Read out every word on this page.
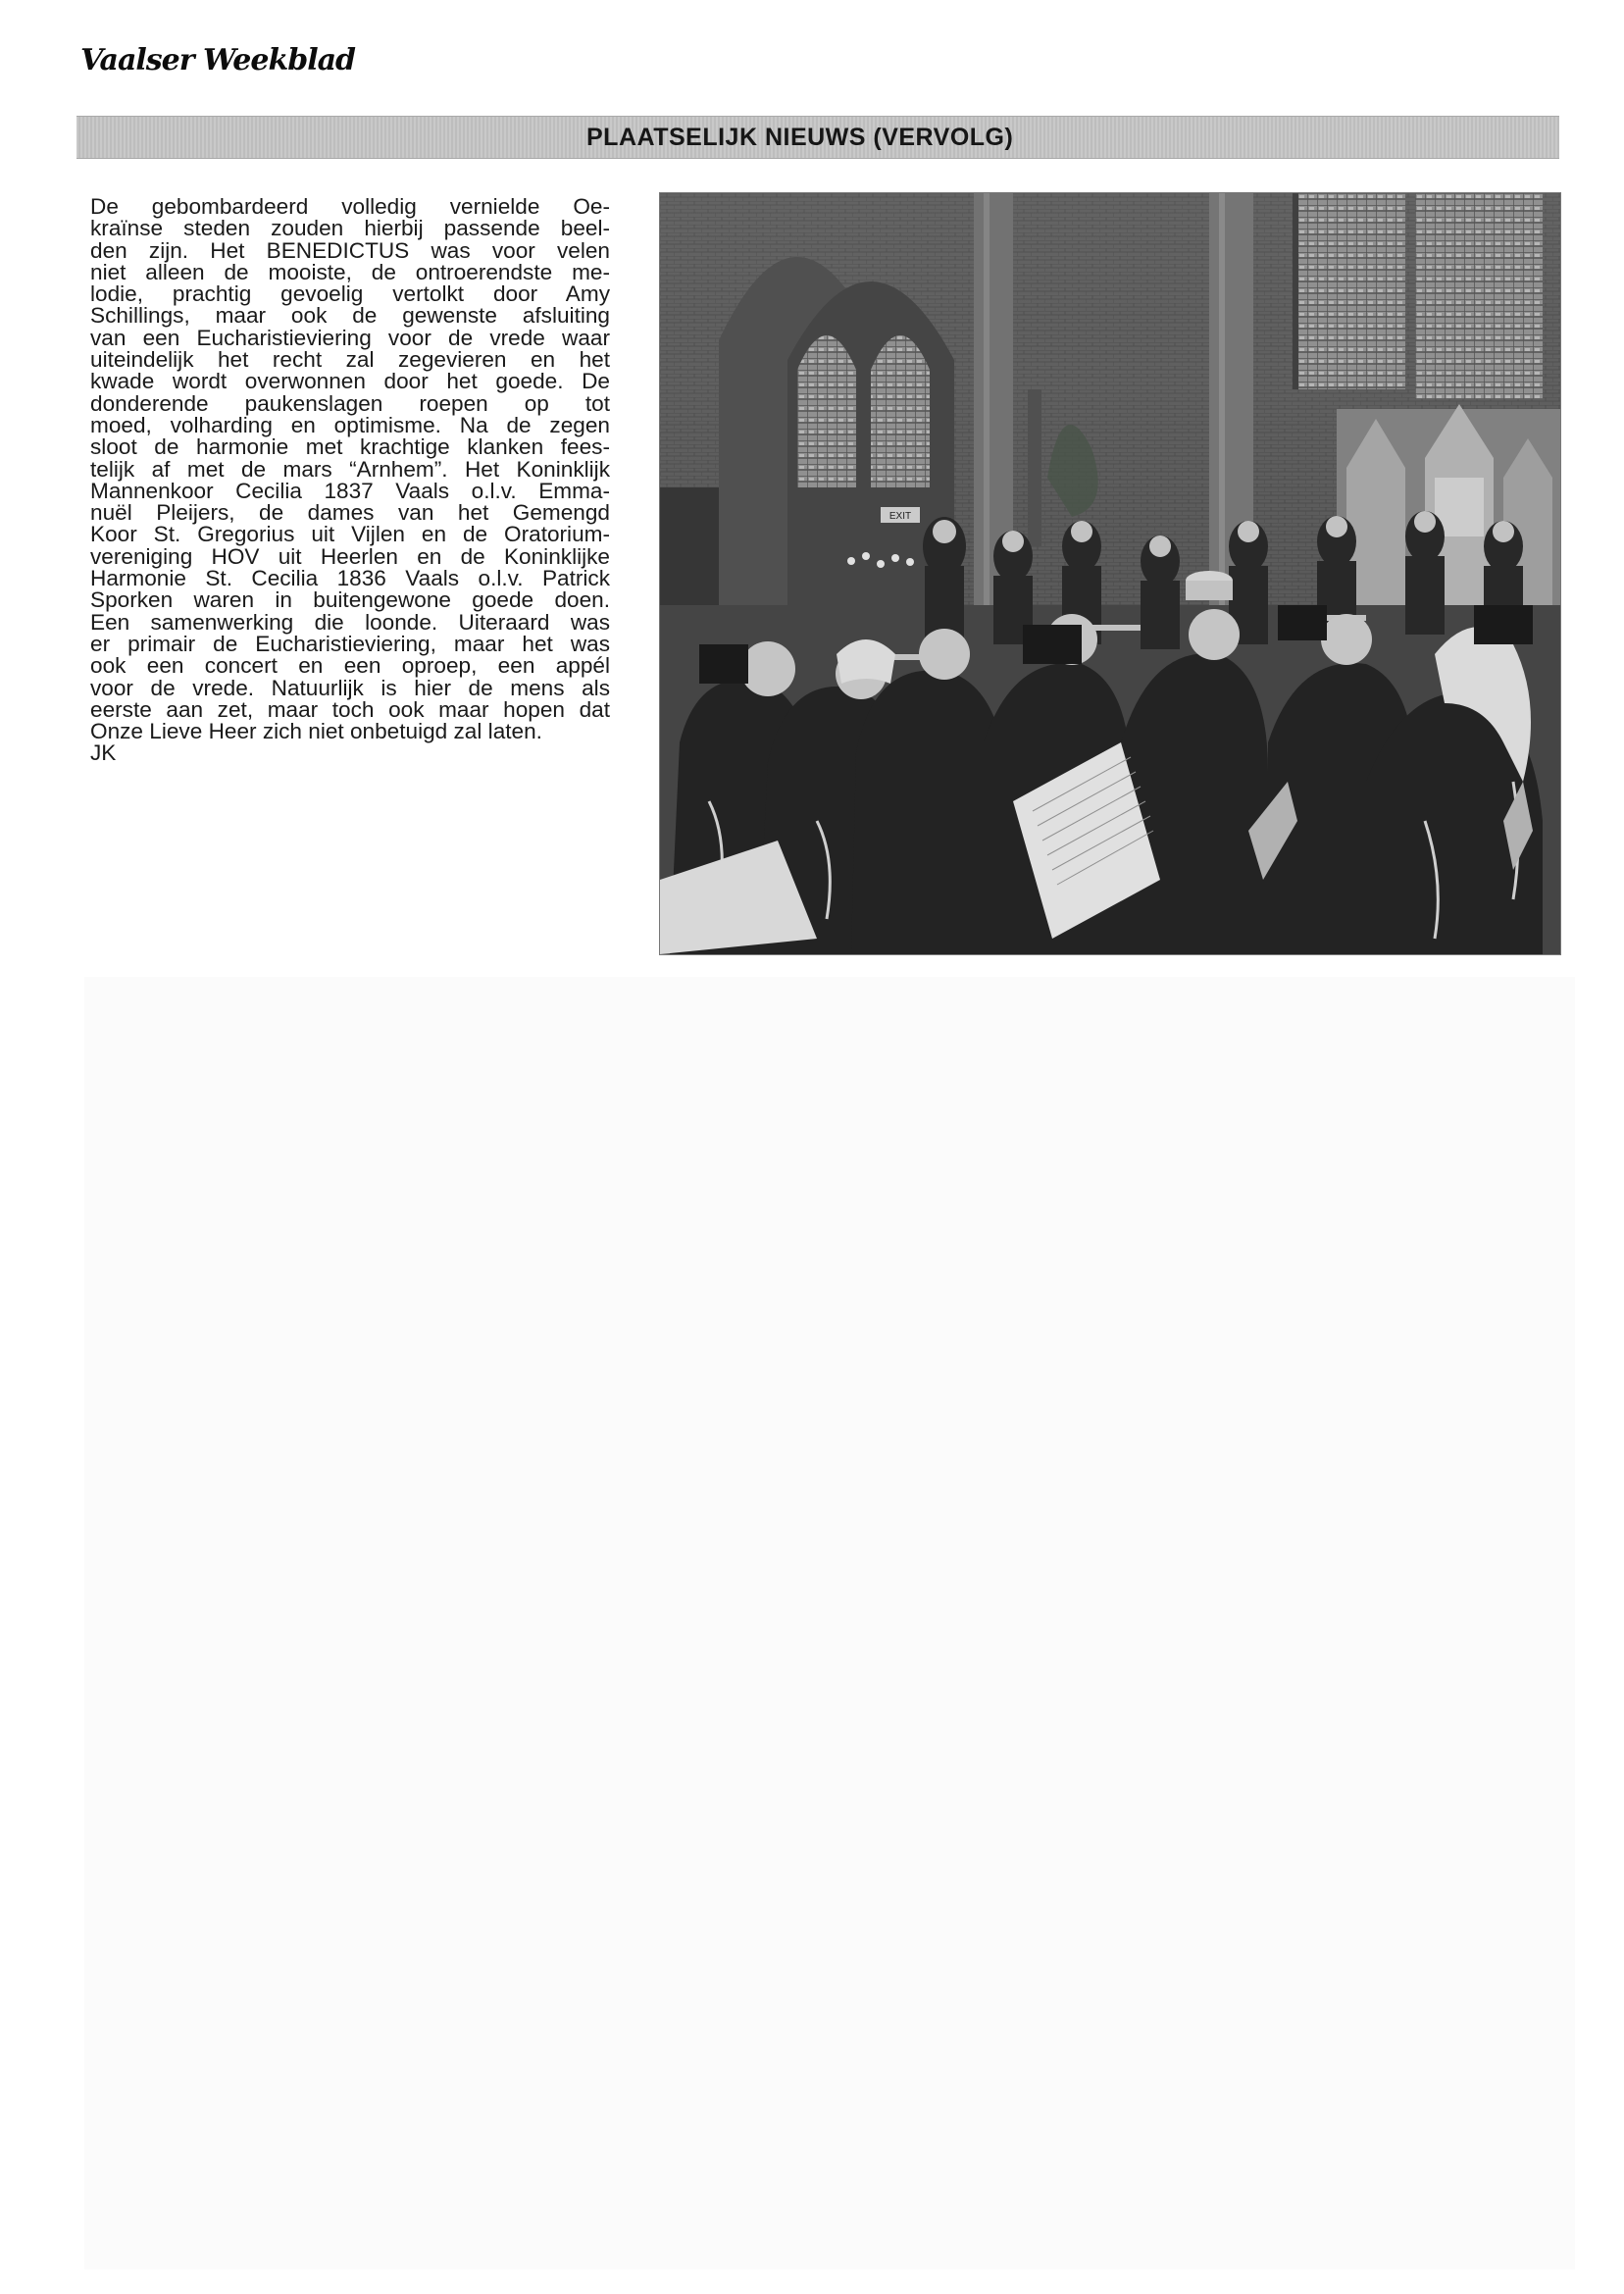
Vaalser Weekblad
PLAATSELIJK NIEUWS (VERVOLG)
De gebombardeerd volledig vernielde Oe-
kraïnse steden zouden hierbij passende beel-
den zijn. Het BENEDICTUS was voor velen
niet alleen de mooiste, de ontroerendste me-
lodie, prachtig gevoelig vertolkt door Amy
Schillings, maar ook de gewenste afsluiting
van een Eucharistieviering voor de vrede waar
uiteindelijk het recht zal zegevieren en het
kwade wordt overwonnen door het goede. De
donderende paukenslagen roepen op tot
moed, volharding en optimisme. Na de zegen
sloot de harmonie met krachtige klanken fees-
telijk af met de mars “Arnhem”. Het Koninklijk
Mannenkoor Cecilia 1837 Vaals o.l.v. Emma-
nuël Pleijers, de dames van het Gemengd
Koor St. Gregorius uit Vijlen en de Oratorium-
vereniging HOV uit Heerlen en de Koninklijke
Harmonie St. Cecilia 1836 Vaals o.l.v. Patrick
Sporken waren in buitengewone goede doen.
Een samenwerking die loonde. Uiteraard was
er primair de Eucharistieviering, maar het was
ook een concert en een oproep, een appél
voor de vrede. Natuurlijk is hier de mens als
eerste aan zet, maar toch ook maar hopen dat
Onze Lieve Heer zich niet onbetuigd zal laten.
JK
EXIT
